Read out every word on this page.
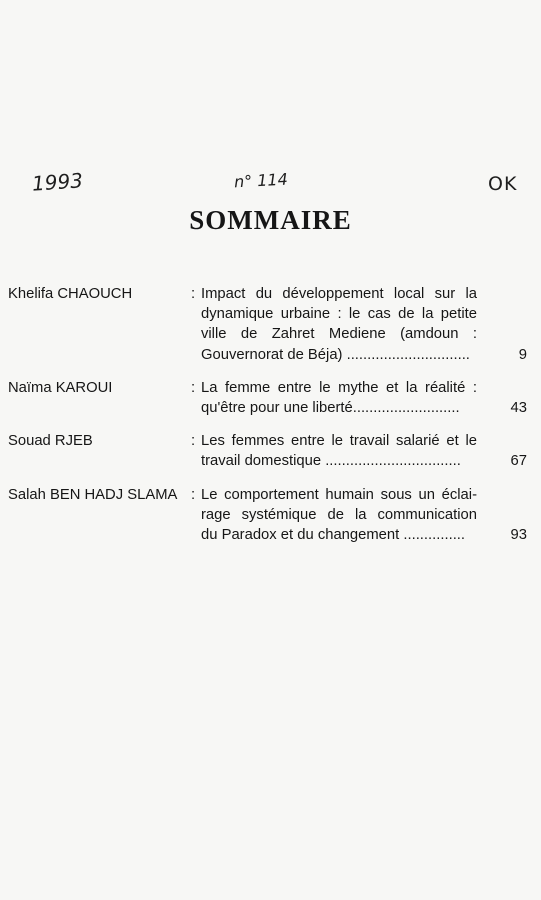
1993	n° 114	OK
SOMMAIRE
Khelifa CHAOUCH	: Impact du développement local sur la
dynamique urbaine : le cas de la petite
ville de Zahret Mediene (amdoun :
Gouvernorat de Béja) ..............................	9
Naïma KAROUI	: La femme entre le mythe et la réalité :
qu'être pour une liberté..........................	43
Souad RJEB	: Les femmes entre le travail salarié et le
travail domestique .................................	67
Salah BEN HADJ SLAMA : Le comportement humain sous un éclai-
rage systémique de la communication
du Paradox et du changement ...............	93
